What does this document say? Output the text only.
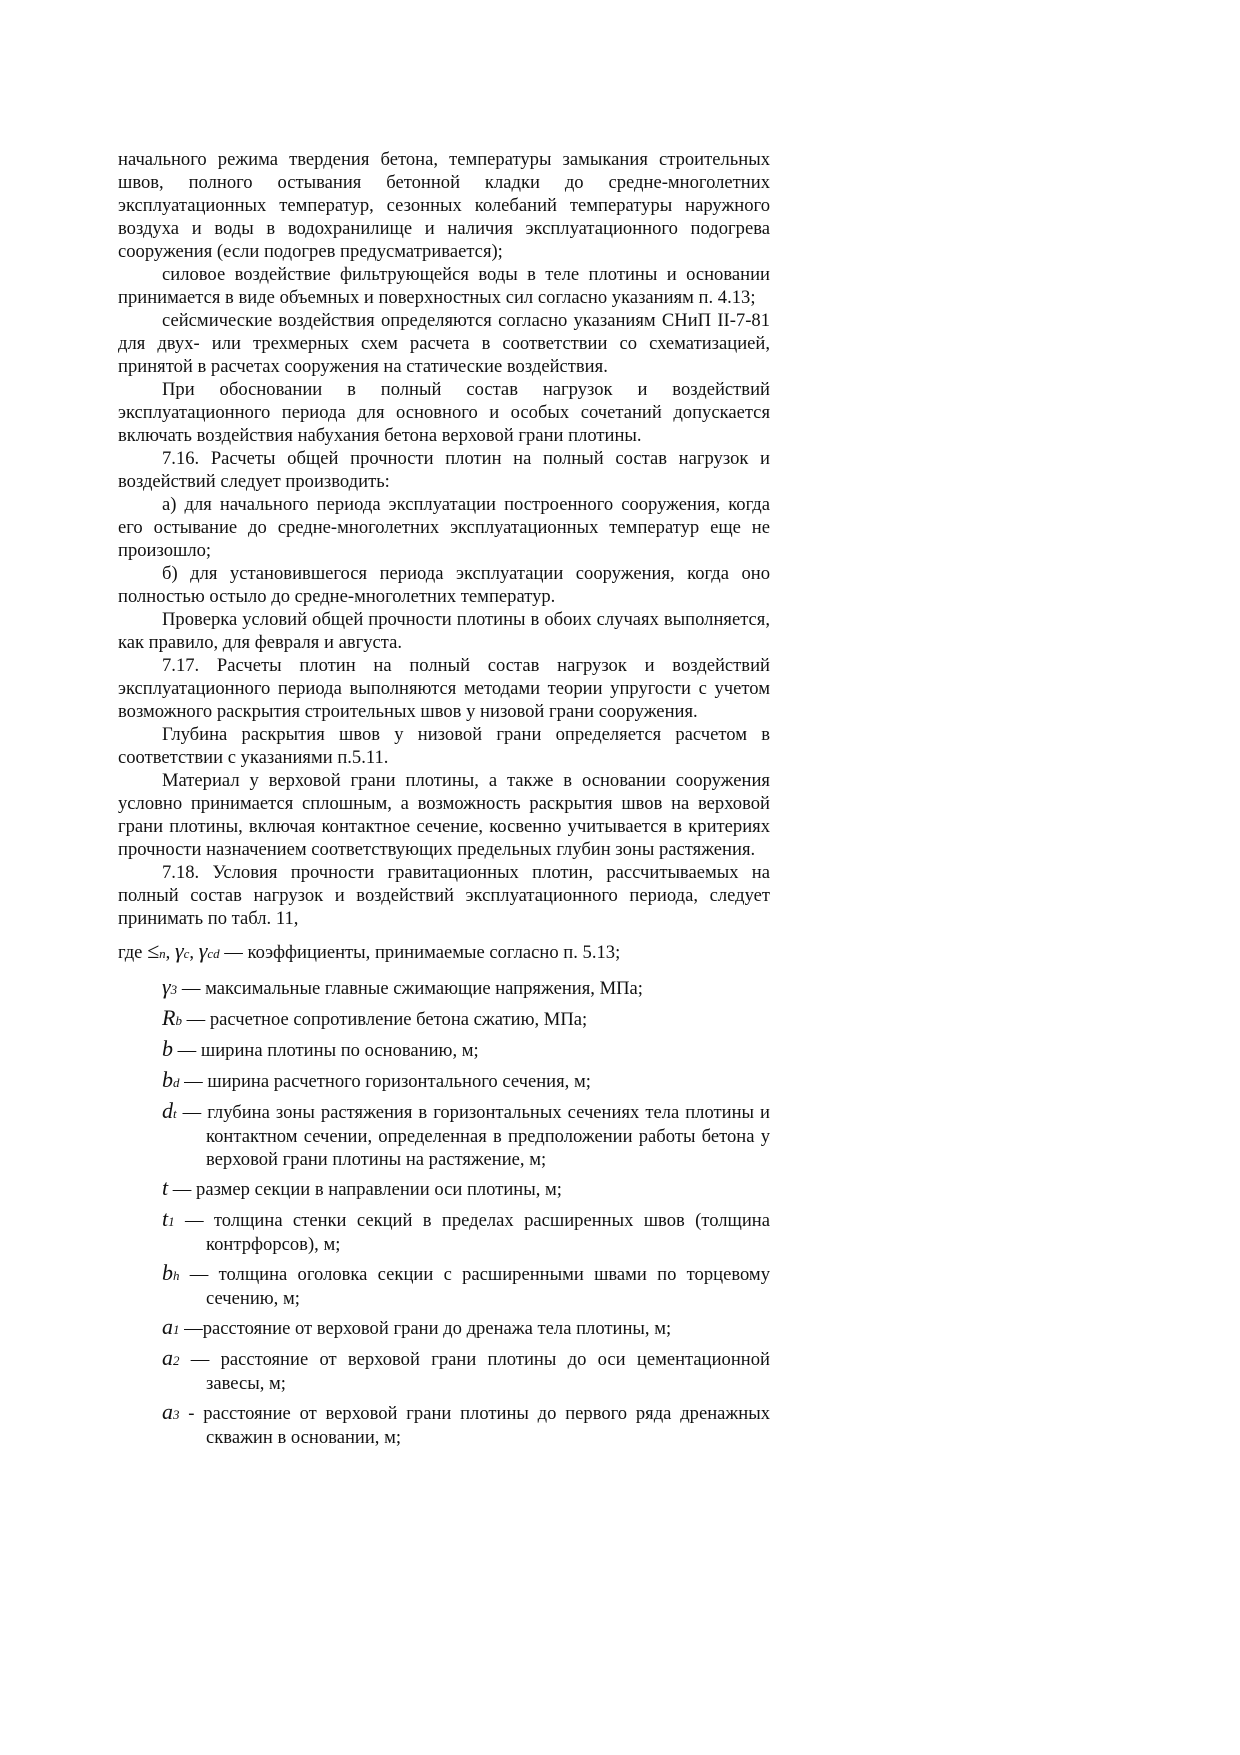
начального режима твердения бетона, температуры замыкания строительных швов, полного остывания бетонной кладки до средне-многолетних эксплуатационных температур, сезонных колебаний температуры наружного воздуха и воды в водохранилище и наличия эксплуатационного подогрева сооружения (если подогрев предусматривается);

силовое воздействие фильтрующейся воды в теле плотины и основании принимается в виде объемных и поверхностных сил согласно указаниям п. 4.13;

сейсмические воздействия определяются согласно указаниям СНиП II-7-81 для двух- или трехмерных схем расчета в соответствии со схематизацией, принятой в расчетах сооружения на статические воздействия.

При обосновании в полный состав нагрузок и воздействий эксплуатационного периода для основного и особых сочетаний допускается включать воздействия набухания бетона верховой грани плотины.

7.16. Расчеты общей прочности плотин на полный состав нагрузок и воздействий следует производить:

а) для начального периода эксплуатации построенного сооружения, когда его остывание до средне-многолетних эксплуатационных температур еще не произошло;

б) для установившегося периода эксплуатации сооружения, когда оно полностью остыло до средне-многолетних температур.

Проверка условий общей прочности плотины в обоих случаях выполняется, как правило, для февраля и августа.

7.17. Расчеты плотин на полный состав нагрузок и воздействий эксплуатационного периода выполняются методами теории упругости с учетом возможного раскрытия строительных швов у низовой грани сооружения.

Глубина раскрытия швов у низовой грани определяется расчетом в соответствии с указаниями п.5.11.

Материал у верховой грани плотины, а также в основании сооружения условно принимается сплошным, а возможность раскрытия швов на верховой грани плотины, включая контактное сечение, косвенно учитывается в критериях прочности назначением соответствующих предельных глубин зоны растяжения.

7.18. Условия прочности гравитационных плотин, рассчитываемых на полный состав нагрузок и воздействий эксплуатационного периода, следует принимать по табл. 11,

где ≤n, γc, γcd — коэффициенты, принимаемые согласно п. 5.13;

γ3 — максимальные главные сжимающие напряжения, МПа;
Rb — расчетное сопротивление бетона сжатию, МПа;
b — ширина плотины по основанию, м;
bd — ширина расчетного горизонтального сечения, м;
dt — глубина зоны растяжения в горизонтальных сечениях тела плотины и контактном сечении, определенная в предположении работы бетона у верховой грани плотины на растяжение, м;
t — размер секции в направлении оси плотины, м;
t1 — толщина стенки секций в пределах расширенных швов (толщина контрфорсов), м;
bh — толщина оголовка секции с расширенными швами по торцевому сечению, м;
a1 —расстояние от верховой грани до дренажа тела плотины, м;
a2 — расстояние от верховой грани плотины до оси цементационной завесы, м;
a3 - расстояние от верховой грани плотины до первого ряда дренажных скважин в основании, м;
